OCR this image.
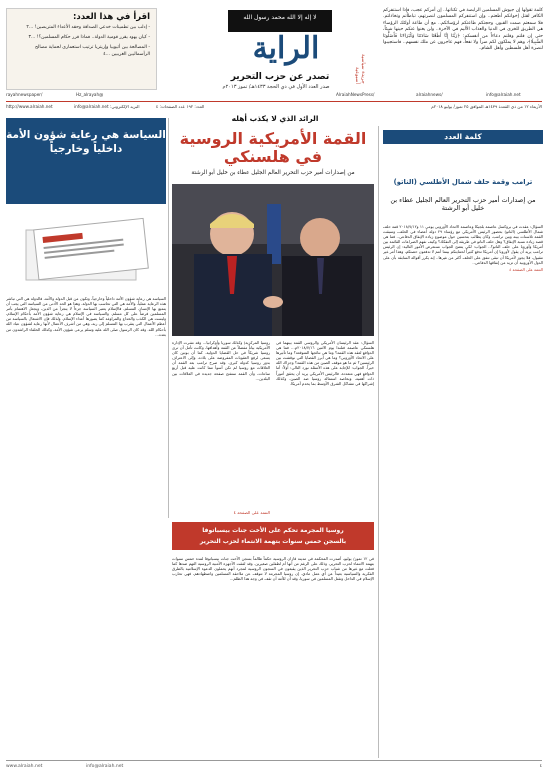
كلمة تقولها إن جيوش المسلمين الرابضة في ثكناتها.. إن أمركم عجب، فإذا استنفركم الكافر لقتل إخوانكم أطعتم.. وإن استنفركم المسلمون لنصرتهم، تباطأتم وتخاذلتم. فلا سمعتم صمت القبور، وحجتكم طاعتكم لرؤسائكم.. مع أن طاعة أولئك الرؤساء هي الطريق للخزي في الدنيا والعذاب الأليم في الآخرة.. ولن يغنوا عنكم حينها شيئاً، حتى إن قلتم وقلتم دعاءاً من أنفسكم: ﴿رَبَّنَا إِنَّا أَطَعْنَا سَادَتَنَا وَكُبَرَاءَنَا فَأَضَلُّونَا السَّبِيلَا﴾، وهم لا يملكون لكم ضراً ولا نفعاً، فهم عاجزون عن ملك نفسهم.. فاستجيبوا لنصرة أهل فلسطين وأهل الشام..
لا إله إلا الله محمد رسول الله
الراية
جريدة سياسية أسبوعية
تصدر عن حزب التحرير
صدر العدد الأول في ذي الحجة ١٤٣٣هـ/ تموز ٢٠١٣م
اقرأ في هذا العدد:
- إدلب بين تطمينات خدعي الصداقة وحقد الأعداء المتربصين! ...٢
- كيان يهود يقرر قومية الدولة.. فماذا قرر حكام المسلمين؟! ...٣
- المصالحة بين أثيوبيا وإريتريا ترتيب استعماري لحماية مصالح الرأسماليين الغربيين ...٤
/rayahnewspaper	@Hz_alrayah	/AlraiahNewsPress	/alraiahnews	info@alraiah.net
http://www.alraiah.net	البريد الإلكتروني: info@alraiah.net	العدد: ١٩٢ عدد الصفحات: ٤	الأربعاء ١٢ من ذي القعدة ١٤٣٩هـ الموافق ٢٥ تموز/ يوليو ٢٠١٨م
الرائد الذي لا يكذب أهله
كلمة العدد
ترامب وقمة حلف شمال الأطلسي (الناتو)
من إصدارات أمير حزب التحرير العالم الجليل عطاء بن خليل أبو الرشتة
السؤال: عقدت في بروكسل عاصمة بلجيكا وعاصمة الاتحاد الأوروبي يومي ١١ و٢٠١٨/٧/١٢ قمة حلف شمال الأطلسي (الناتو) بحضور الرئيس الأمريكي مع رؤساء ٢٩ دولة أعضاء في الحلف، وسبقت القمة تلاسنات بينه وبين ترامب، وكان يطالب بتحسين حول موضوع زيادة الإنفاق الدفاعي.. فما هي قصة زيادة نسبة الإنفاق؟ وهل حلف الناتو في طريقه إلى التفكك؟ وكيف نفهم الصراعات القائمة بين أمريكا وأوروبا على حلف الناتو؟.. الجواب: لكي يتضح الجواب نستعرض الأمور التالية: إن الرئيس ترامب يريد أن يقول لأوروبا إن أمريكا تدفع كثيراً لحمايتكم بينما أنتم لا تدفعون حصتكم، وهذا أمر غير مقبول، فلا يجوز لأمريكا أن تبقى تنفق على الحلف أكثر من غيرها.. إنه يكرر أقواله السابقة بأن على الدول الأوروبية أن تزيد من إنفاقها الدفاعي..
التتمة على الصفحة ٤
القمة الأمريكية الروسية
في هلسنكي
من إصدارات أمير حزب التحرير العالم الجليل عطاء بن خليل أبو الرشتة
السؤال: عقد الرئيسان الأمريكي والروسي القمة بينهما في هلسنكي عاصمة فنلندا يوم الاثنين ٢٠١٨/٧/١٦م... فما هي الدوافع لعقد هذه القمة؟ وما هي نتائجها المتوقعة؟ وما تأثيرها على الاتحاد الأوروبي؟ وما هي أبرز القضايا التي نوقشت بين الرئيسين؟ ثم ما هو موقف الصين من هذه القمة؟ وجزاك الله خيراً. الجواب: للإجابة على هذه الأسئلة نورد التالي: أولاً: أما الدوافع فهي متعددة، فالرئيس الأمريكي يريد أن يحقق أموراً ذات أهمية، وبخاصة استمالة روسيا ضد الصين، وكذلك إشراكها في مشاكل الشرق الأوسط بما يخدم أمريكا.
روسيا المركزية) وكذلك سوريا وأوكرانيا... وقد نشرت الإدارة الأمريكية بياناً مفصلاً عن القمة وأهدافها، وكانت تأمل أن ترى روسيا شريكاً في حل القضايا الدولية. كما أن بوتين كان يسعى لرفع العقوبات المفروضة على بلاده، وإلى الاعتراف بدور روسيا كدولة كبرى. وقد صرح ترامب بعد القمة أن العلاقات مع روسيا لم تكن أسوأ مما كانت عليه قبل أربع ساعات، وأن القمة ستفتح صفحة جديدة في العلاقات بين البلدين...
التتمة على الصفحة ٤
السياسة هي رعاية شؤون الأمة داخلياً وخارجياً
السياسة هي رعاية شؤون الأمة داخلياً وخارجياً، وتكون من قبل الدولة والأمة، فالدولة هي التي تباشر هذه الرعاية عملياً، والأمة هي التي تحاسب بها الدولة، وهذا هو الحد الأدنى من السياسة التي يجب أن يتمتع بها الإنسان المسلم، فالإسلام يعتبر السياسة جزءاً لا يتجزأ من الدين، ويجعل الاهتمام بأمر المسلمين فرضاً على كل مسلم. والسياسة في الإسلام هي رعاية شؤون الأمة بأحكام الإسلام، وليست هي الكذب والخداع والمراوغة كما يصورها أعداء الإسلام. ولذلك فإن الاشتغال بالسياسة من أعظم الأعمال التي يتقرب بها المسلم إلى ربه، وهي من أشرف الأعمال لأنها رعاية لشؤون عباد الله بأحكام الله. وقد كان الرسول صلى الله عليه وسلم يرعى شؤون الأمة، وكذلك الخلفاء الراشدون من بعده...
روسيا المجرمة تحكم على الأخت جنات بيسباتوفا
بالسجن خمس سنوات بتهمة الانتماء لحزب التحرير
في ١٢ تموز/ يوليو، أصدرت المحكمة في مدينة قازان الروسية حكماً ظالماً بسجن الأخت جنات بيسباتوفا لمدة خمس سنوات بتهمة الانتماء لحزب التحرير، وذلك على الرغم من أنها أم لطفلين صغيرين. وقد لفقت الأجهزة الأمنية الروسية التهم ضدها كما فعلت مع غيرها من شباب حزب التحرير الذين يقبعون في السجون الروسية لمجرد أنهم يحملون الدعوة الإسلامية بالطرق الفكرية والسياسية بعيداً عن أي عمل مادي. إن روسيا المجرمة لا تتوقف عن ملاحقة المسلمين واضطهادهم، فهي تحارب الإسلام في الداخل وتقتل المسلمين في سوريا، وقد آن للأمة أن تقف في وجه هذا الظلم...
www.alraiah.net	info@alraiah.net	٤
